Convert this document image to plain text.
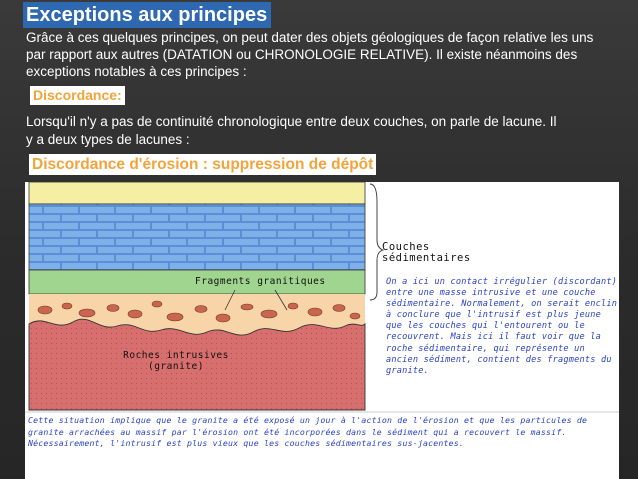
Exceptions aux principes
Grâce à ces quelques principes, on peut dater des objets géologiques de façon relative les uns par rapport aux autres (DATATION ou CHRONOLOGIE RELATIVE). Il existe néanmoins des exceptions notables à ces principes :
Discordance:
Lorsqu'il n'y a pas de continuité chronologique entre deux couches, on parle de lacune. Il
y a deux types de lacunes :
Discordance d'érosion : suppression de dépôt
Couches
sédimentaires
Fragments granitiques
Roches intrusives
(granite)
On a ici un contact irrégulier (discordant) entre une masse intrusive et une couche sédimentaire. Normalement, on serait enclin à conclure que l'intrusif est plus jeune que les couches qui l'entourent ou le recouvrent. Mais ici il faut voir que la roche sédimentaire, qui représente un ancien sédiment, contient des fragments du granite.
Cette situation implique que le granite a été exposé un jour à l'action de l'érosion et que les particules de granite arrachées au massif par l'érosion ont été incorporées dans le sédiment qui a recouvert le massif. Nécessairement, l'intrusif est plus vieux que les couches sédimentaires sus-jacentes.
